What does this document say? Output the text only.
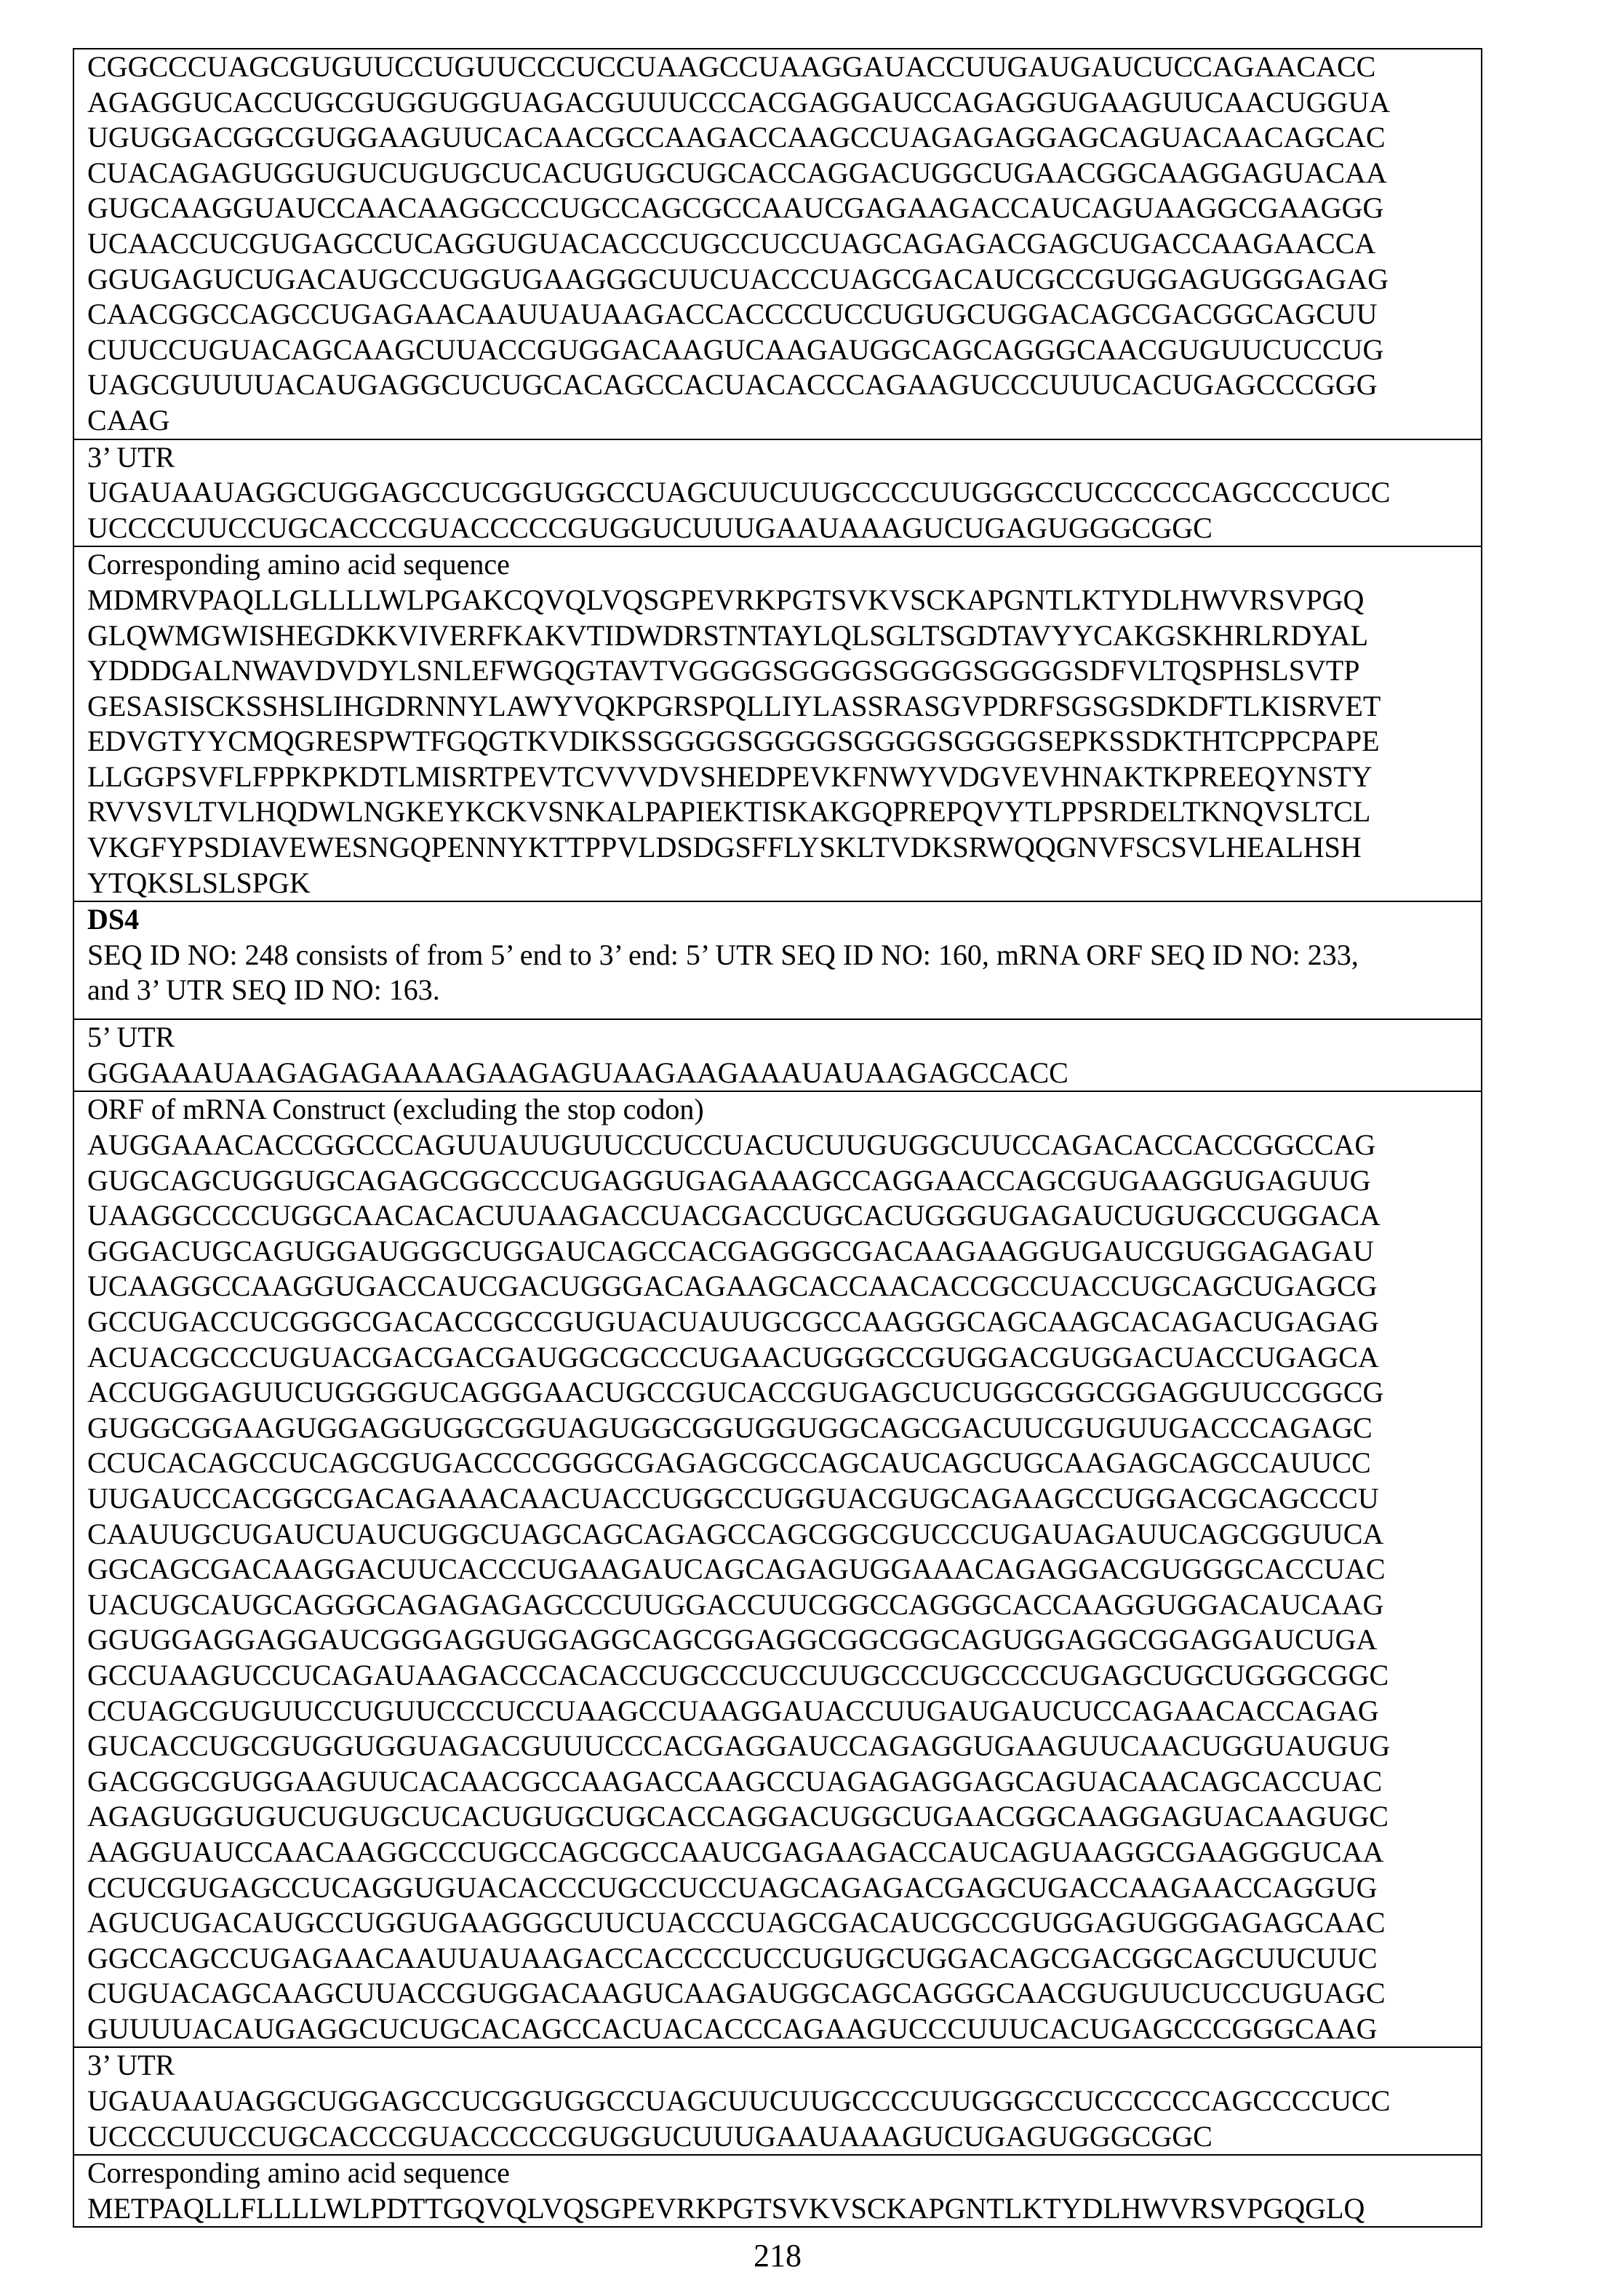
CGGCCCUAGCGUGUUCCUGUUCCCUCCUAAGCCUAAGGAUACCUUGAUGAUCUCCAGAACACC
AGAGGUCACCUGCGUGGUGGUAGACGUUUCCCACGAGGAUCCAGAGGUGAAGUUCAACUGGUA
UGUGGACGGCGUGGAAGUUCACAACGCCAAGACCAAGCCUAGAGAGGAGCAGUACAACAGCAC
CUACAGAGUGGUGUCUGUGCUCACUGUGCUGCACCAGGACUGGCUGAACGGCAAGGAGUACAA
GUGCAAGGUAUCCAACAAGGCCCUGCCAGCGCCAAUCGAGAAGACCAUCAGUAAGGCGAAGGG
UCAACCUCGUGAGCCUCAGGUGUACACCCUGCCUCCUAGCAGAGACGAGCUGACCAAGAACCA
GGUGAGUCUGACAUGCCUGGUGAAGGGCUUCUACCCUAGCGACAUCGCCGUGGAGUGGGAGAG
CAACGGCCAGCCUGAGAACAAUUAUAAGACCACCCCUCCUGUGCUGGACAGCGACGGCAGCUU
CUUCCUGUACAGCAAGCUUACCGUGGACAAGUCAAGAUGGCAGCAGGGCAACGUGUUCUCCUG
UAGCGUUUUACAUGAGGCUCUGCACAGCCACUACACCCAGAAGUCCCUUUCACUGAGCCCGGG
CAAG

3’ UTR
UGAUAAUAGGCUGGAGCCUCGGUGGCCUAGCUUCUUGCCCCUUGGGCCUCCCCCCAGCCCCUCC
UCCCCUUCCUGCACCCGUACCCCCGUGGUCUUUGAAUAAAGUCUGAGUGGGCGGC

Corresponding amino acid sequence
MDMRVPAQLLGLLLLWLPGAKCQVQLVQSGPEVRKPGTSVKVSCKAPGNTLKTYDLHWVRSVPGQ
GLQWMGWISHEGDKKVIVERFKAKVTIDWDRSTNTAYLQLSGLTSGDTAVYYCAKGSKHRLRDYAL
YDDDGALNWAVDVDYLSNLEFWGQGTAVTVGGGGSGGGGSGGGGSGGGGSDFVLTQSPHSLSVTP
GESASISCKSSHSLIHGDRNNYLAWYVQKPGRSPQLLIYLASSRASGVPDRFSGSGSDKDFTLKISRVET
EDVGTYYCMQGRESPWTFGQGTKVDIKSSGGGGSGGGGSGGGGSGGGGSEPKSSDKTHTCPPCPAPE
LLGGPSVFLFPPKPKDTLMISRTPEVTCVVVDVSHEDPEVKFNWYVDGVEVHNAKTKPREEQYNSTY
RVVSVLTVLHQDWLNGKEYKCKVSNKALPAPIEKTISKAKGQPREPQVYTLPPSRDELTKNQVSLTCL
VKGFYPSDIAVEWESNGQPENNYKTTPPVLDSDGSFFLYSKLTVDKSRWQQGNVFSCSVLHEALHSH
YTQKSLSLSPGK

DS4
SEQ ID NO: 248 consists of from 5’ end to 3’ end: 5’ UTR SEQ ID NO: 160, mRNA ORF SEQ ID NO: 233,
and 3’ UTR SEQ ID NO: 163.

5’ UTR
GGGAAAUAAGAGAGAAAAGAAGAGUAAGAAGAAAUAUAAGAGCCACC

ORF of mRNA Construct (excluding the stop codon)
AUGGAAACACCGGCCCAGUUAUUGUUCCUCCUACUCUUGUGGCUUCCAGACACCACCGGCCAG
GUGCAGCUGGUGCAGAGCGGCCCUGAGGUGAGAAAGCCAGGAACCAGCGUGAAGGUGAGUUG
UAAGGCCCCUGGCAACACACUUAAGACCUACGACCUGCACUGGGUGAGAUCUGUGCCUGGACA
GGGACUGCAGUGGAUGGGCUGGAUCAGCCACGAGGGCGACAAGAAGGUGAUCGUGGAGAGAU
UCAAGGCCAAGGUGACCAUCGACUGGGACAGAAGCACCAACACCGCCUACCUGCAGCUGAGCG
GCCUGACCUCGGGCGACACCGCCGUGUACUAUUGCGCCAAGGGCAGCAAGCACAGACUGAGAG
ACUACGCCCUGUACGACGACGAUGGCGCCCUGAACUGGGCCGUGGACGUGGACUACCUGAGCA
ACCUGGAGUUCUGGGGUCAGGGAACUGCCGUCACCGUGAGCUCUGGCGGCGGAGGUUCCGGCG
GUGGCGGAAGUGGAGGUGGCGGUAGUGGCGGUGGUGGCAGCGACUUCGUGUUGACCCAGAGC
CCUCACAGCCUCAGCGUGACCCCGGGCGAGAGCGCCAGCAUCAGCUGCAAGAGCAGCCAUUCC
UUGAUCCACGGCGACAGAAACAACUACCUGGCCUGGUACGUGCAGAAGCCUGGACGCAGCCCU
CAAUUGCUGAUCUAUCUGGCUAGCAGCAGAGCCAGCGGCGUCCCUGAUAGAUUCAGCGGUUCA
GGCAGCGACAAGGACUUCACCCUGAAGAUCAGCAGAGUGGAAACAGAGGACGUGGGCACCUAC
UACUGCAUGCAGGGCAGAGAGAGCCCUUGGACCUUCGGCCAGGGCACCAAGGUGGACAUCAAG
GGUGGAGGAGGAUCGGGAGGUGGAGGCAGCGGAGGCGGCGGCAGUGGAGGCGGAGGAUCUGA
GCCUAAGUCCUCAGAUAAGACCCACACCUGCCCUCCUUGCCCUGCCCCUGAGCUGCUGGGCGGC
CCUAGCGUGUUCCUGUUCCCUCCUAAGCCUAAGGAUACCUUGAUGAUCUCCAGAACACCAGAG
GUCACCUGCGUGGUGGUAGACGUUUCCCACGAGGAUCCAGAGGUGAAGUUCAACUGGUAUGUG
GACGGCGUGGAAGUUCACAACGCCAAGACCAAGCCUAGAGAGGAGCAGUACAACAGCACCUAC
AGAGUGGUGUCUGUGCUCACUGUGCUGCACCAGGACUGGCUGAACGGCAAGGAGUACAAGUGC
AAGGUAUCCAACAAGGCCCUGCCAGCGCCAAUCGAGAAGACCAUCAGUAAGGCGAAGGGUCAA
CCUCGUGAGCCUCAGGUGUACACCCUGCCUCCUAGCAGAGACGAGCUGACCAAGAACCAGGUG
AGUCUGACAUGCCUGGUGAAGGGCUUCUACCCUAGCGACAUCGCCGUGGAGUGGGAGAGCAAC
GGCCAGCCUGAGAACAAUUAUAAGACCACCCCUCCUGUGCUGGACAGCGACGGCAGCUUCUUC
CUGUACAGCAAGCUUACCGUGGACAAGUCAAGAUGGCAGCAGGGCAACGUGUUCUCCUGUAGC
GUUUUACAUGAGGCUCUGCACAGCCACUACACCCAGAAGUCCCUUUCACUGAGCCCGGGCAAG

3’ UTR
UGAUAAUAGGCUGGAGCCUCGGUGGCCUAGCUUCUUGCCCCUUGGGCCUCCCCCCAGCCCCUCC
UCCCCUUCCUGCACCCGUACCCCCGUGGUCUUUGAAUAAAGUCUGAGUGGGCGGC

Corresponding amino acid sequence
METPAQLLFLLLLWLPDTTGQVQLVQSGPEVRKPGTSVKVSCKAPGNTLKTYDLHWVRSVPGQGLQ
218
